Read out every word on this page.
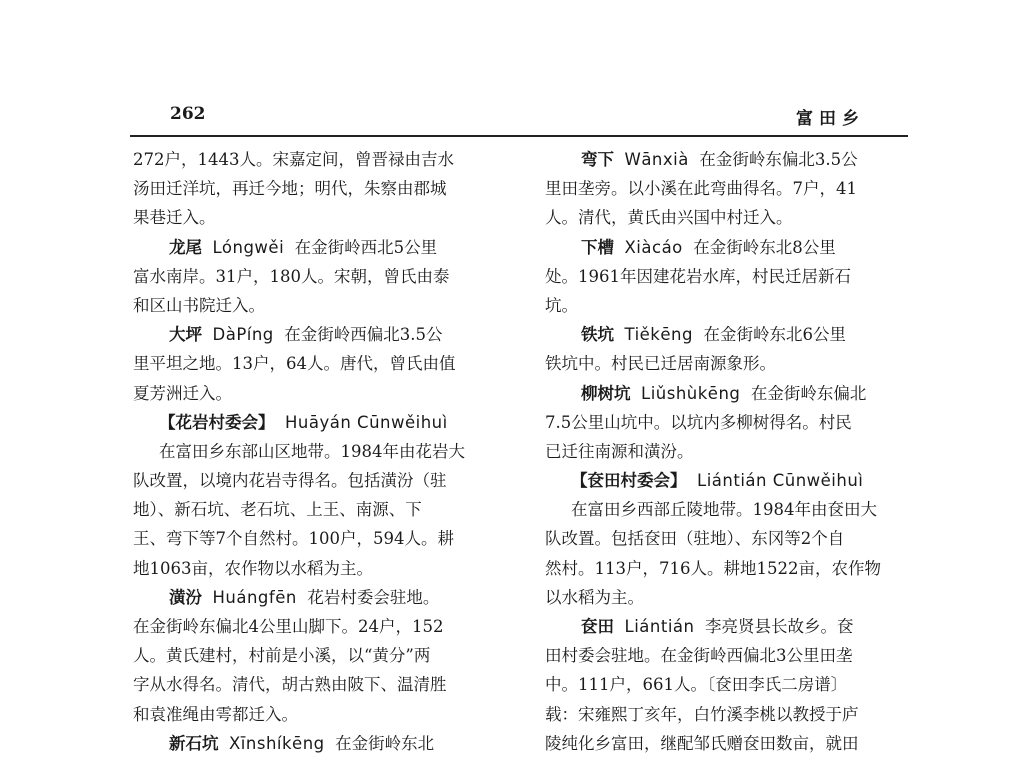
262	富田乡
272户，1443人。宋嘉定间，曾晋禄由吉水
汤田迁洋坑，再迁今地；明代，朱察由郡城
果巷迁入。
龙尾 Lóngwěi 在金街岭西北5公里
富水南岸。31户，180人。宋朝，曾氏由泰
和区山书院迁入。
大坪 DàPíng 在金街岭西偏北3.5公
里平坦之地。13户，64人。唐代，曾氏由值
夏芳洲迁入。
【花岩村委会】 Huāyán Cūnwěihuì
在富田乡东部山区地带。1984年由花岩大
队改置，以境内花岩寺得名。包括潢汾（驻
地）、新石坑、老石坑、上王、南源、下
王、弯下等7个自然村。100户，594人。耕
地1063亩，农作物以水稻为主。
潢汾 Huángfēn 花岩村委会驻地。
在金街岭东偏北4公里山脚下。24户，152
人。黄氏建村，村前是小溪，以“黄分”两
字从水得名。清代，胡古熟由陂下、温清胜
和袁准绳由雩都迁入。
新石坑 Xīnshíkēng 在金街岭东北
弯下 Wānxià 在金街岭东偏北3.5公
里田垄旁。以小溪在此弯曲得名。7户，41
人。清代，黄氏由兴国中村迁入。
下槽 Xiàcáo 在金街岭东北8公里
处。1961年因建花岩水库，村民迁居新石
坑。
铁坑 Tiěkēng 在金街岭东北6公里
铁坑中。村民已迁居南源象形。
柳树坑 Liǔshùkēng 在金街岭东偏北
7.5公里山坑中。以坑内多柳树得名。村民
已迁往南源和潢汾。
【奁田村委会】 Liántián Cūnwěihuì
在富田乡西部丘陵地带。1984年由奁田大
队改置。包括奁田（驻地）、东冈等2个自
然村。113户，716人。耕地1522亩，农作物
以水稻为主。
奁田 Liántián 李亮贤县长故乡。奁
田村委会驻地。在金街岭西偏北3公里田垄
中。111户，661人。〔奁田李氏二房谱〕
载：宋雍熙丁亥年，白竹溪李桃以教授于庐
陵纯化乡富田，继配邹氏赠奁田数亩，就田
